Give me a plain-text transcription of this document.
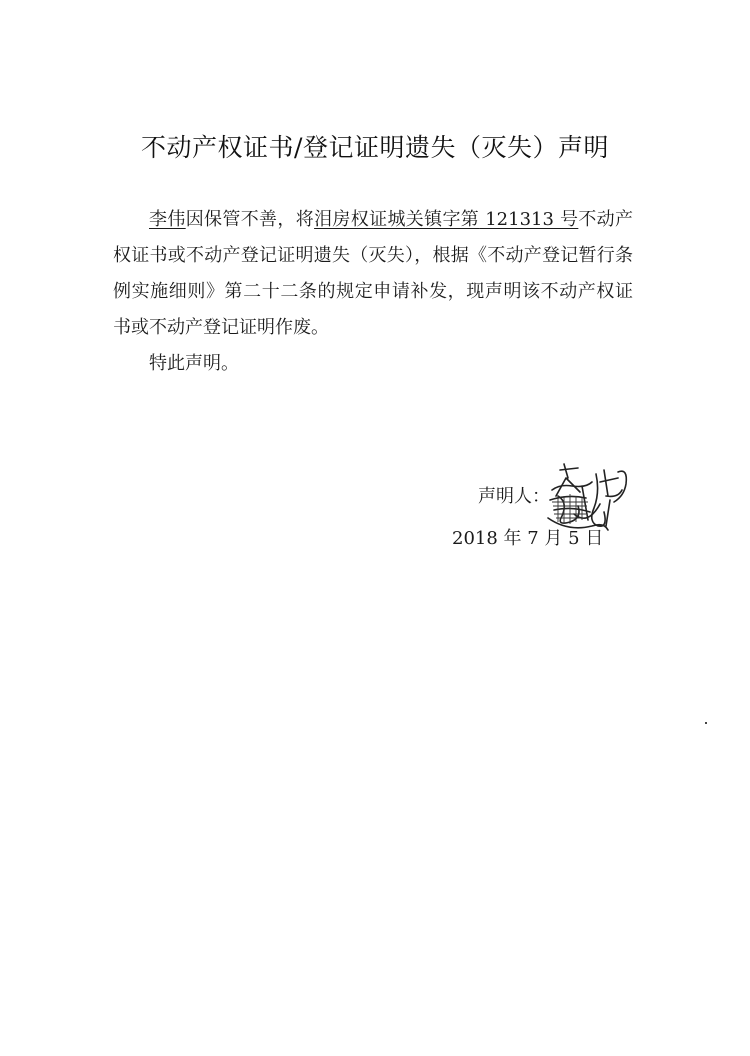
不动产权证书/登记证明遗失（灭失）声明

李伟因保管不善，将泪房权证城关镇字第 121313 号不动产权证书或不动产登记证明遗失（灭失），根据《不动产登记暂行条例实施细则》第二十二条的规定申请补发，现声明该不动产权证书或不动产登记证明作废。

特此声明。

声明人：
2018 年 7 月 5 日
